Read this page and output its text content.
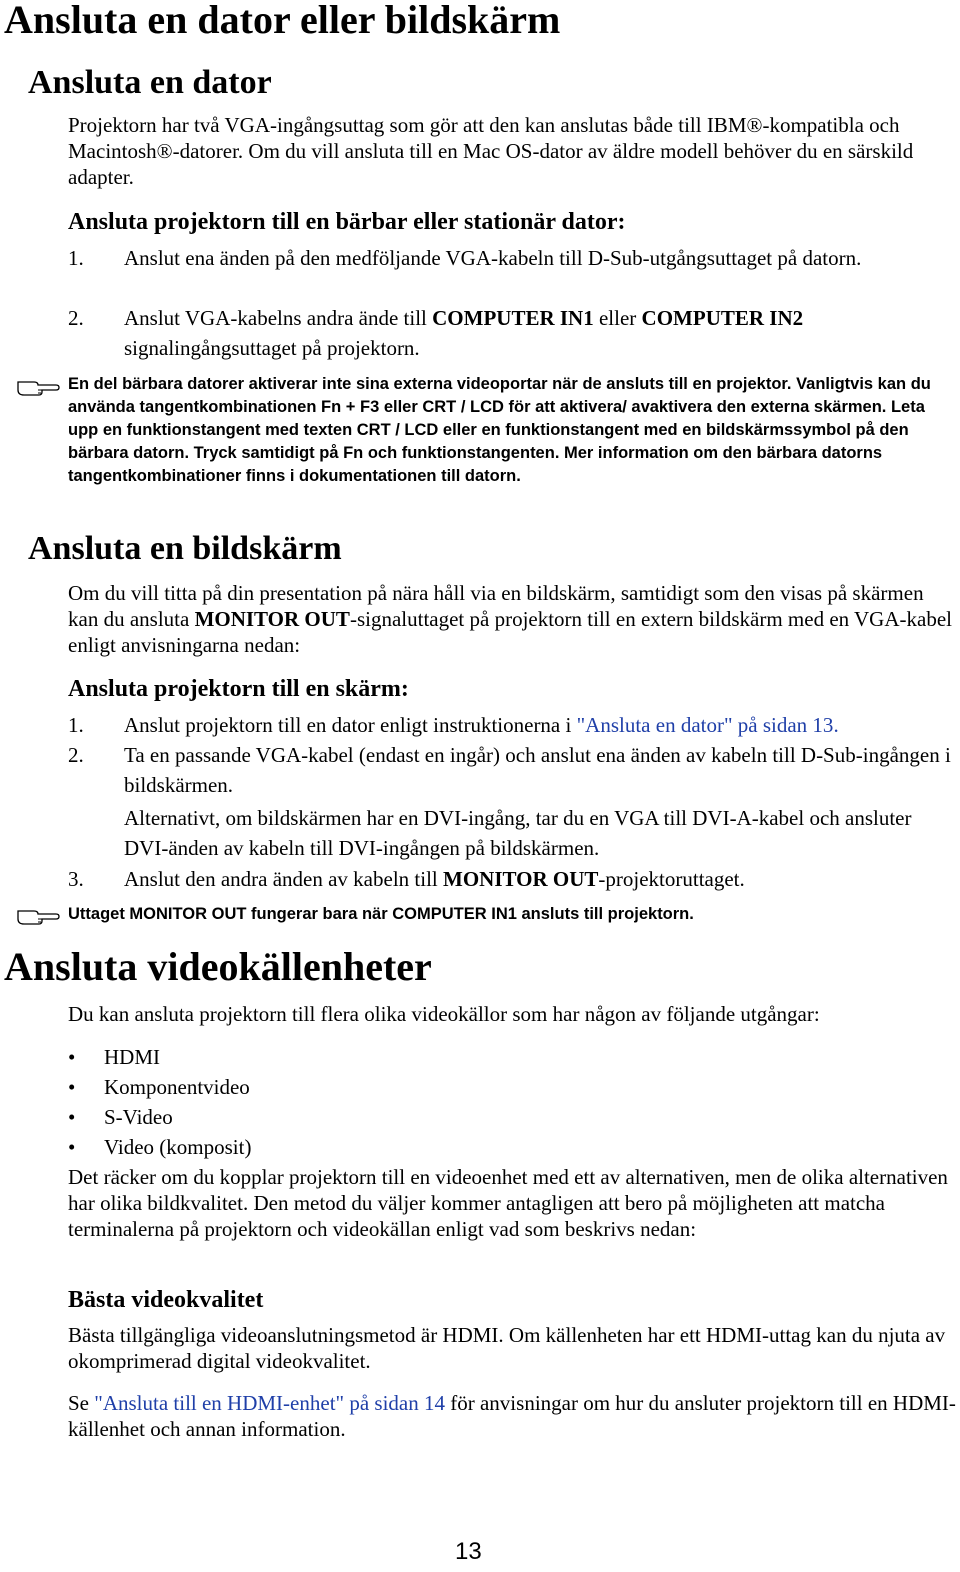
Ansluta en dator eller bildskärm
Ansluta en dator
Projektorn har två VGA-ingångsuttag som gör att den kan anslutas både till IBM®-kompatibla och Macintosh®-datorer. Om du vill ansluta till en Mac OS-dator av äldre modell behöver du en särskild adapter.
Ansluta projektorn till en bärbar eller stationär dator:
1. Anslut ena änden på den medföljande VGA-kabeln till D-Sub-utgångsuttaget på datorn.
2. Anslut VGA-kabelns andra ände till COMPUTER IN1 eller COMPUTER IN2 signalingångsuttaget på projektorn.
En del bärbara datorer aktiverar inte sina externa videoportar när de ansluts till en projektor. Vanligtvis kan du använda tangentkombinationen Fn + F3 eller CRT / LCD för att aktivera/ avaktivera den externa skärmen. Leta upp en funktionstangent med texten CRT / LCD eller en funktionstangent med en bildskärmssymbol på den bärbara datorn. Tryck samtidigt på Fn och funktionstangenten. Mer information om den bärbara datorns tangentkombinationer finns i dokumentationen till datorn.
Ansluta en bildskärm
Om du vill titta på din presentation på nära håll via en bildskärm, samtidigt som den visas på skärmen kan du ansluta MONITOR OUT-signaluttaget på projektorn till en extern bildskärm med en VGA-kabel enligt anvisningarna nedan:
Ansluta projektorn till en skärm:
1. Anslut projektorn till en dator enligt instruktionerna i "Ansluta en dator" på sidan 13.
2. Ta en passande VGA-kabel (endast en ingår) och anslut ena änden av kabeln till D-Sub-ingången i bildskärmen.
Alternativt, om bildskärmen har en DVI-ingång, tar du en VGA till DVI-A-kabel och ansluter DVI-änden av kabeln till DVI-ingången på bildskärmen.
3. Anslut den andra änden av kabeln till MONITOR OUT-projektoruttaget.
Uttaget MONITOR OUT fungerar bara när COMPUTER IN1 ansluts till projektorn.
Ansluta videokällenheter
Du kan ansluta projektorn till flera olika videokällor som har någon av följande utgångar:
• HDMI
• Komponentvideo
• S-Video
• Video (komposit)
Det räcker om du kopplar projektorn till en videoenhet med ett av alternativen, men de olika alternativen har olika bildkvalitet. Den metod du väljer kommer antagligen att bero på möjligheten att matcha terminalerna på projektorn och videokällan enligt vad som beskrivs nedan:
Bästa videokvalitet
Bästa tillgängliga videoanslutningsmetod är HDMI. Om källenheten har ett HDMI-uttag kan du njuta av okomprimerad digital videokvalitet.
Se "Ansluta till en HDMI-enhet" på sidan 14 för anvisningar om hur du ansluter projektorn till en HDMI-källenhet och annan information.
13
